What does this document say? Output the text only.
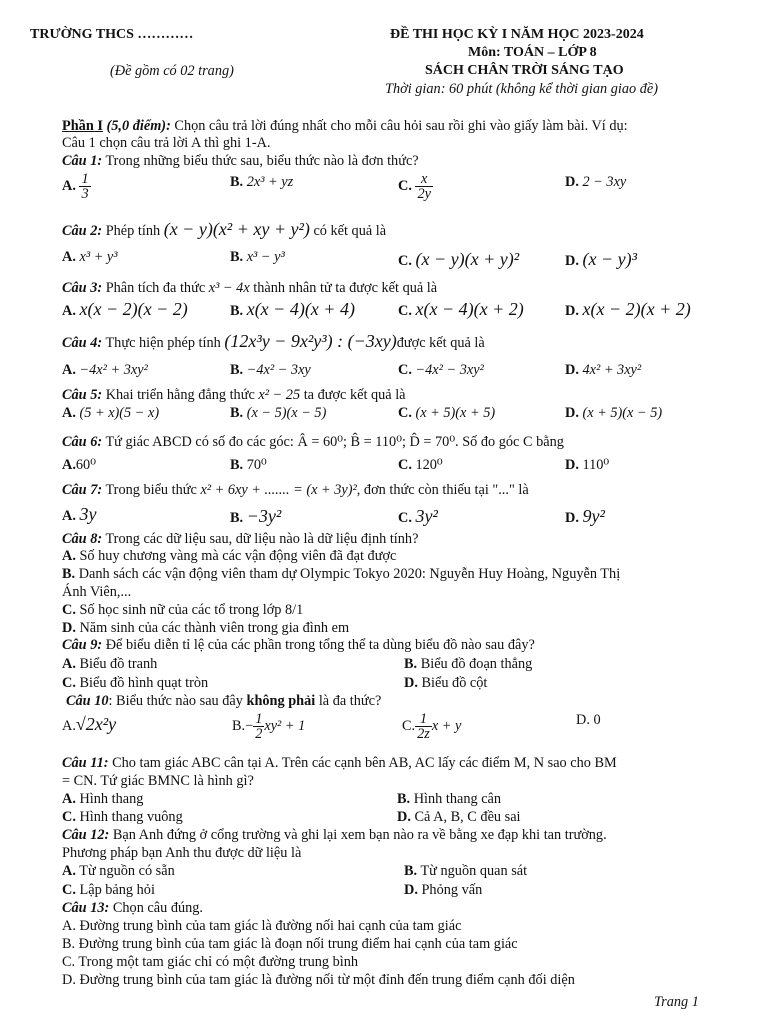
TRƯỜNG THCS …………
(Đề gồm có 02 trang)
ĐỀ THI HỌC KỲ I NĂM HỌC 2023-2024
Môn: TOÁN – LỚP 8
SÁCH CHÂN TRỜI SÁNG TẠO
Thời gian: 60 phút (không kể thời gian giao đề)
Phần I (5,0 điểm): Chọn câu trả lời đúng nhất cho mỗi câu hỏi sau rồi ghi vào giấy làm bài. Ví dụ:
Câu 1 chọn câu trả lời A thì ghi 1-A.
Câu 1: Trong những biểu thức sau, biểu thức nào là đơn thức?
A. $\frac{1}{3}$	B. 2x³ + yz	C. $\frac{x}{2y}$	D. 2 − 3xy
Câu 2: Phép tính (x − y)(x² + xy + y²) có kết quả là
A. x³ + y³	B. x³ − y³	C. (x − y)(x + y)²	D. (x − y)³
Câu 3: Phân tích đa thức x³ − 4x thành nhân tử ta được kết quả là
A. x(x − 2)(x − 2)	B. x(x − 4)(x + 4)	C. x(x − 4)(x + 2)	D. x(x − 2)(x + 2)
Câu 4: Thực hiện phép tính (12x³y − 9x²y³) : (−3xy)được kết quả là
A. −4x² + 3xy²	B. −4x² − 3xy	C. −4x² − 3xy²	D. 4x² + 3xy²
Câu 5: Khai triển hằng đẳng thức x² − 25 ta được kết quả là
A. (5 + x)(5 − x)	B. (x − 5)(x − 5)	C. (x + 5)(x + 5)	D. (x + 5)(x − 5)
Câu 6: Tứ giác ABCD có số đo các góc: Â = 60⁰; B̂ = 110⁰; D̂ = 70⁰. Số đo góc C bằng
A.60⁰	B. 70⁰	C. 120⁰	D. 110⁰
Câu 7: Trong biểu thức x² + 6xy + ....... = (x + 3y)², đơn thức còn thiếu tại "..." là
A. 3y	B. −3y²	C. 3y²	D. 9y²
Câu 8: Trong các dữ liệu sau, dữ liệu nào là dữ liệu định tính?
A. Số huy chương vàng mà các vận động viên đã đạt được
B. Danh sách các vận động viên tham dự Olympic Tokyo 2020: Nguyễn Huy Hoàng, Nguyễn Thị
Ánh Viên,...
C. Số học sinh nữ của các tổ trong lớp 8/1
D. Năm sinh của các thành viên trong gia đình em
Câu 9: Để biểu diễn tỉ lệ của các phần trong tổng thể ta dùng biểu đồ nào sau đây?
A. Biểu đồ tranh	B. Biểu đồ đoạn thẳng
C. Biểu đồ hình quạt tròn	D. Biểu đồ cột
Câu 10: Biểu thức nào sau đây không phải là đa thức?
A.√2x²y	$B.- \frac{1}{2} xy^2 + 1$	C. $\frac{1}{2z}$ x + y	D. 0
Câu 11: Cho tam giác ABC cân tại A. Trên các cạnh bên AB, AC lấy các điểm M, N sao cho BM
= CN. Tứ giác BMNC là hình gì?
A. Hình thang	B. Hình thang cân
C. Hình thang vuông	D. Cả A, B, C đều sai
Câu 12: Bạn Anh đứng ở cổng trường và ghi lại xem bạn nào ra về bằng xe đạp khi tan trường.
Phương pháp bạn Anh thu được dữ liệu là
A. Từ nguồn có sẵn	B. Từ nguồn quan sát
C. Lập bảng hỏi	D. Phỏng vấn
Câu 13: Chọn câu đúng.
A. Đường trung bình của tam giác là đường nối hai cạnh của tam giác
B. Đường trung bình của tam giác là đoạn nối trung điểm hai cạnh của tam giác
C. Trong một tam giác chỉ có một đường trung bình
D. Đường trung bình của tam giác là đường nối từ một đỉnh đến trung điểm cạnh đối diện
Trang 1
